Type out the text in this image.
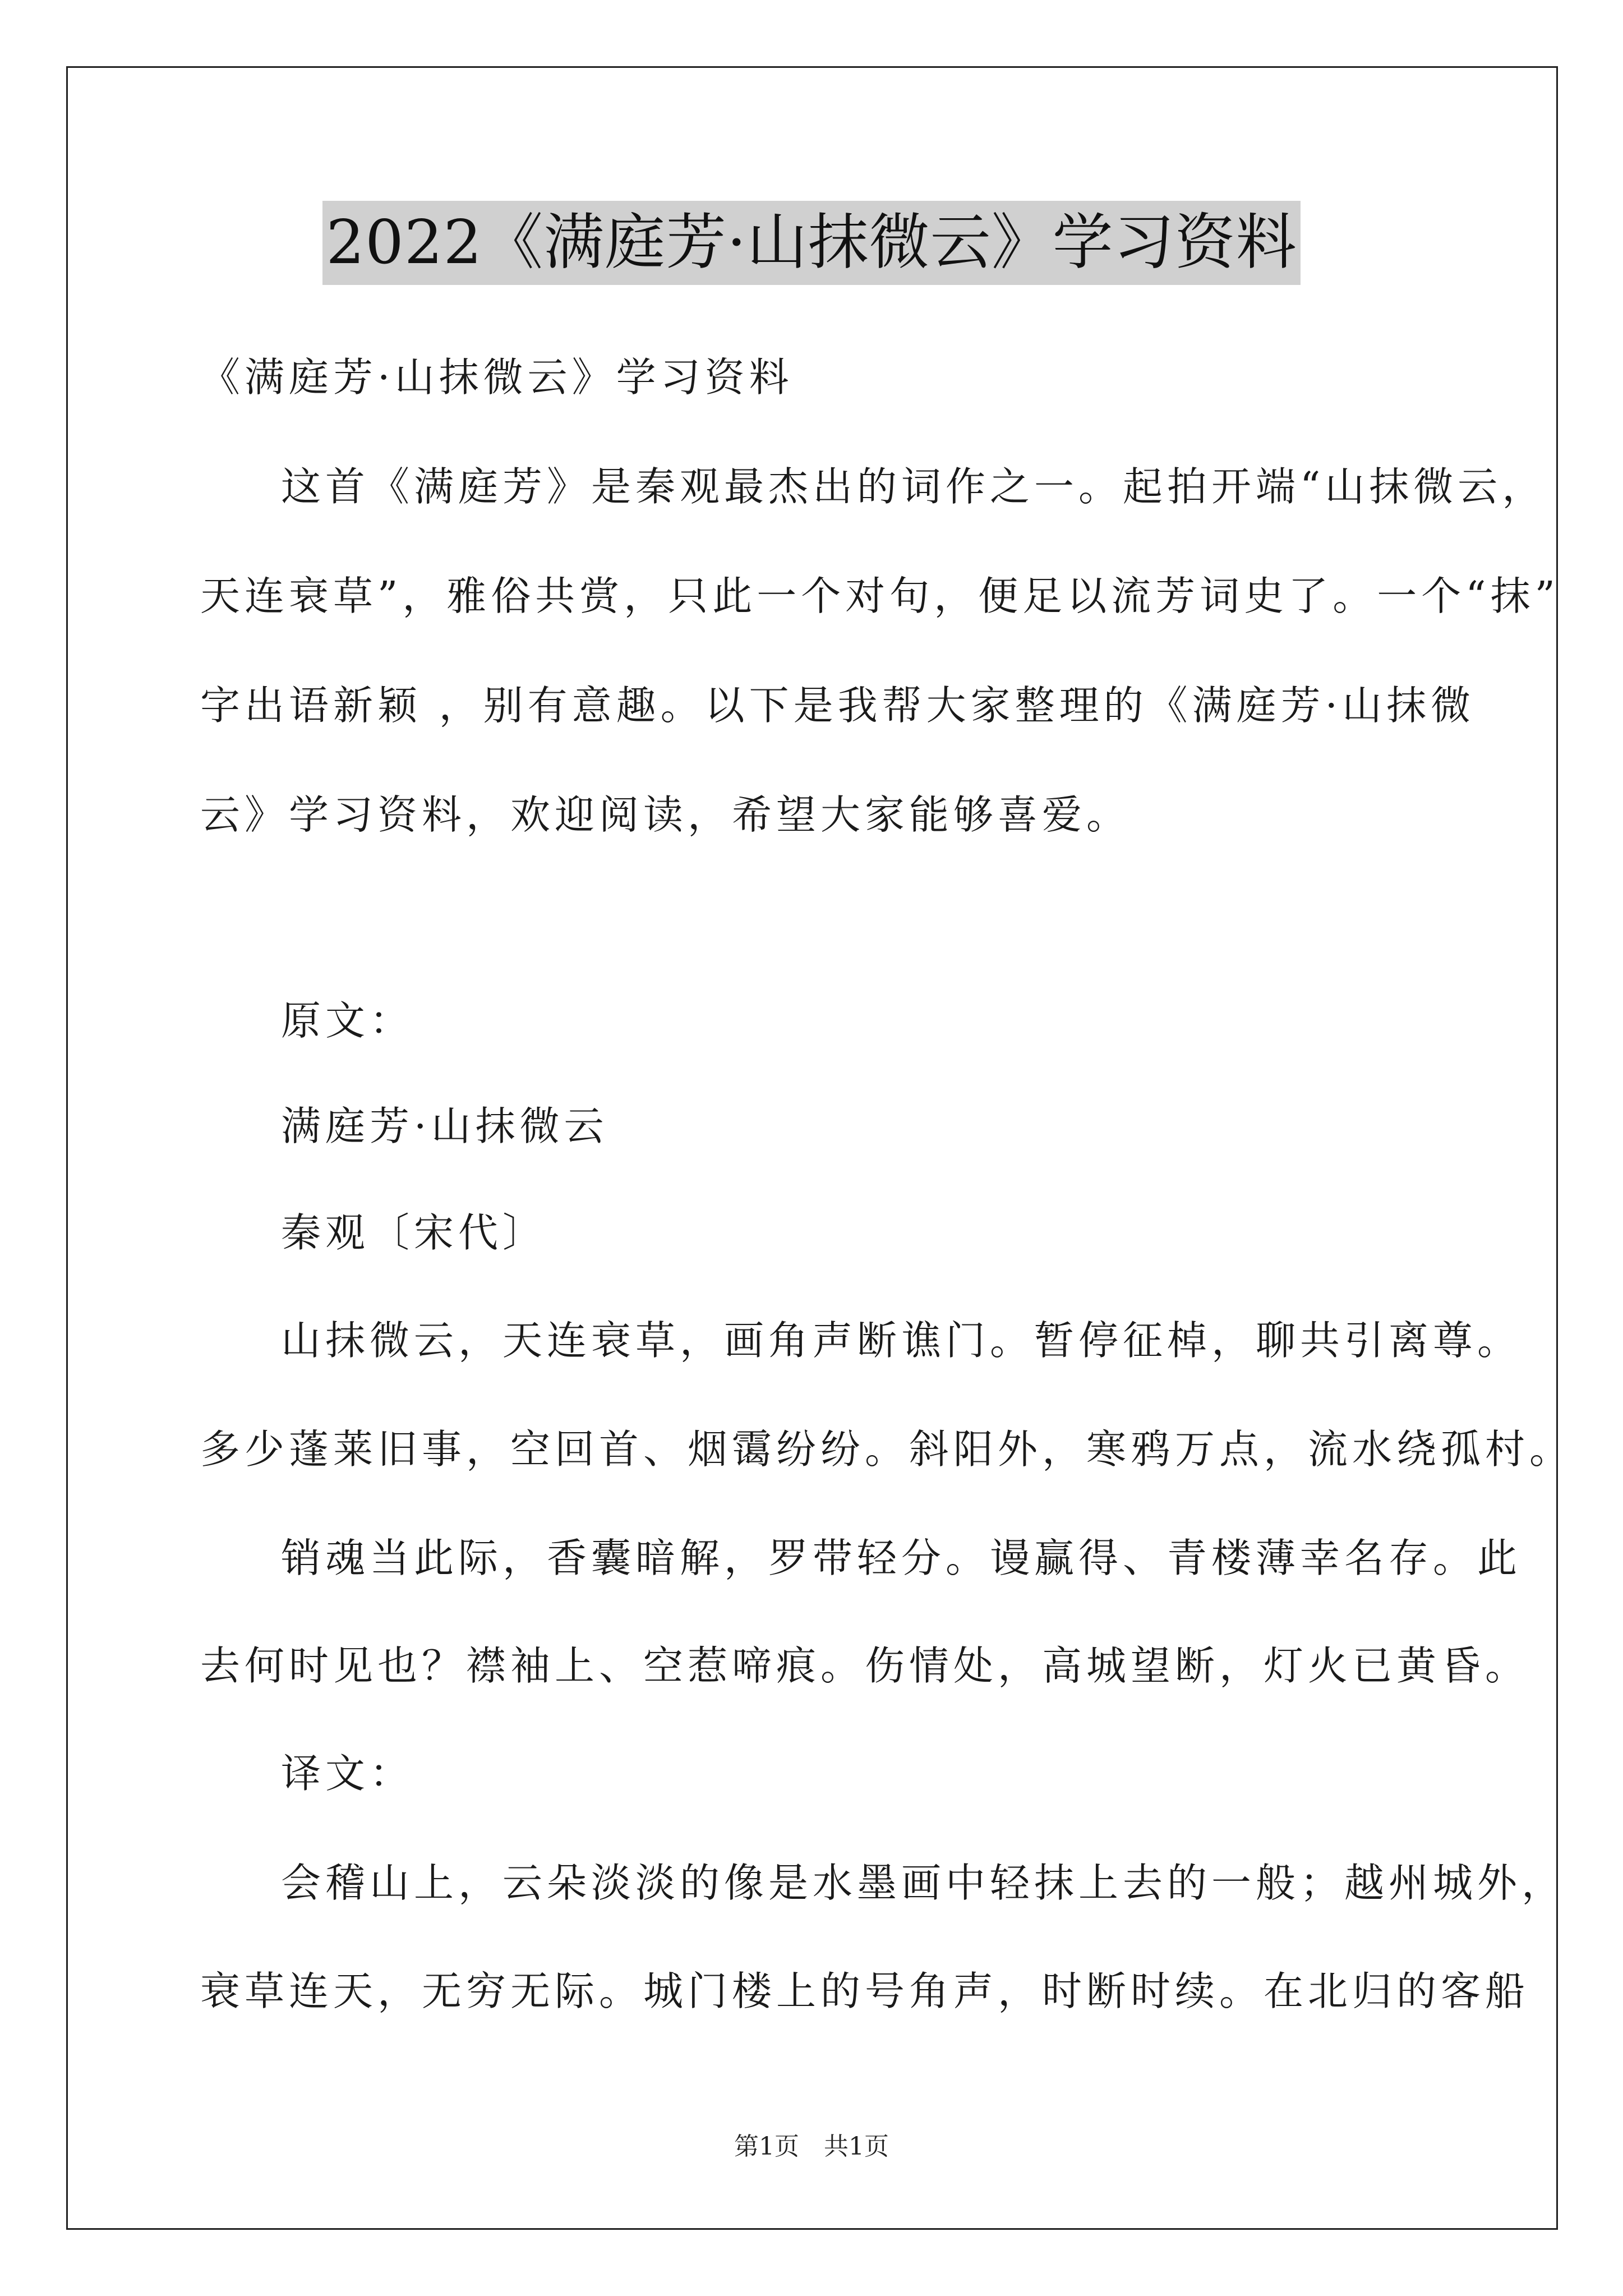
2022《满庭芳·山抹微云》学习资料
《满庭芳·山抹微云》学习资料
这首《满庭芳》是秦观最杰出的词作之一。起拍开端“山抹微云，
天连衰草”，雅俗共赏，只此一个对句，便足以流芳词史了。一个“抹”
字出语新颖 ，别有意趣。以下是我帮大家整理的《满庭芳·山抹微
云》学习资料，欢迎阅读，希望大家能够喜爱。
原文：
满庭芳·山抹微云
秦观〔宋代〕
山抹微云，天连衰草，画角声断谯门。暂停征棹，聊共引离尊。
多少蓬莱旧事，空回首、烟霭纷纷。斜阳外，寒鸦万点，流水绕孤村。
销魂当此际，香囊暗解，罗带轻分。谩赢得、青楼薄幸名存。此
去何时见也？襟袖上、空惹啼痕。伤情处，高城望断，灯火已黄昏。
译文：
会稽山上，云朵淡淡的像是水墨画中轻抹上去的一般；越州城外，
衰草连天，无穷无际。城门楼上的号角声，时断时续。在北归的客船
第1页 共1页
